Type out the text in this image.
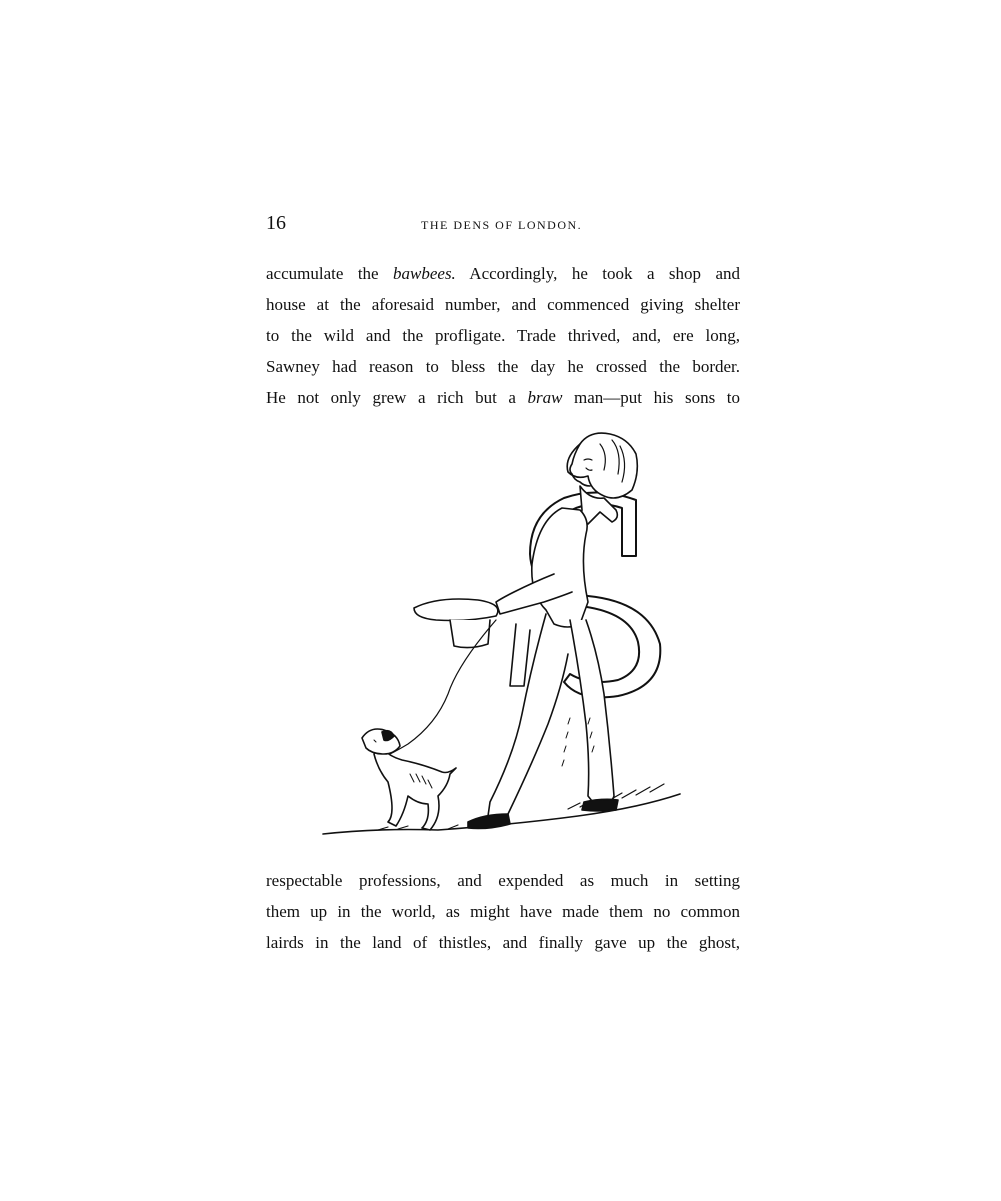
16	THE DENS OF LONDON.
accumulate the bawbees. Accordingly, he took a shop and
house at the aforesaid number, and commenced giving shelter
to the wild and the profligate. Trade thrived, and, ere long,
Sawney had reason to bless the day he crossed the border.
He not only grew a rich but a braw man—put his sons to
respectable professions, and expended as much in setting
them up in the world, as might have made them no common
lairds in the land of thistles, and finally gave up the ghost,
